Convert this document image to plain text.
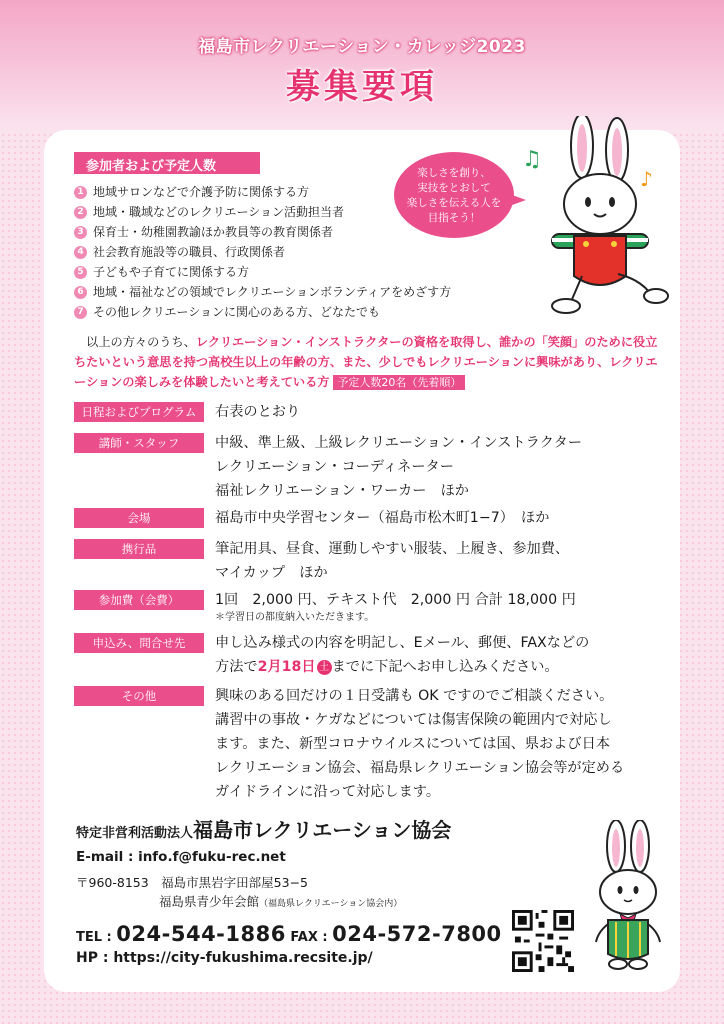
福島市レクリエーション・カレッジ2023
募集要項
参加者および予定人数
1 地域サロンなどで介護予防に関係する方
2 地域・職域などのレクリエーション活動担当者
3 保育士・幼稚園教諭ほか教員等の教育関係者
4 社会教育施設等の職員、行政関係者
5 子どもや子育てに関係する方
6 地域・福祉などの領域でレクリエーションボランティアをめざす方
7 その他レクリエーションに関心のある方、どなたでも
楽しさを創り、
実技をとおして
楽しさを伝える人を
目指そう！
♫
♪
　以上の方々のうち、レクリエーション・インストラクターの資格を取得し、誰かの「笑顔」のために役立ちたいという意思を持つ高校生以上の年齢の方、また、少しでもレクリエーションに興味があり、レクリエーションの楽しみを体験したいと考えている方 予定人数20名（先着順）
日程およびプログラム	右表のとおり
講師・スタッフ	中級、準上級、上級レクリエーション・インストラクター
レクリエーション・コーディネーター
福祉レクリエーション・ワーカー　ほか
会場	福島市中央学習センター（福島市松木町1−7）　ほか
携行品	筆記用具、昼食、運動しやすい服装、上履き、参加費、
マイカップ　ほか
参加費（会費）	1回　2,000 円、テキスト代　2,000 円 合計 18,000 円
＊学習日の都度納入いただきます。
申込み、問合せ先	申し込み様式の内容を明記し、Eメール、郵便、FAXなどの
方法で2月18日 土 までに下記へお申し込みください。
その他	興味のある回だけの１日受講も OK ですのでご相談ください。
講習中の事故・ケガなどについては傷害保険の範囲内で対応し
ます。また、新型コロナウイルスについては国、県および日本
レクリエーション協会、福島県レクリエーション協会等が定める
ガイドラインに沿って対応します。
特定非営利活動法人福島市レクリエーション協会
E-mail : info.f@fuku-rec.net
〒960-8153　福島市黒岩字田部屋53−5
福島県青少年会館（福島県レクリエーション協会内）
TEL : 024-544-1886 FAX : 024-572-7800
HP : https://city-fukushima.recsite.jp/
